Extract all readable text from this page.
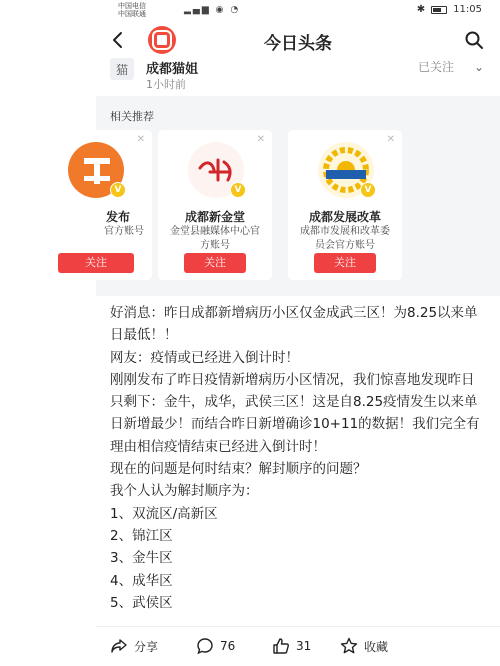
中国电信
中国联通	▂▄▆ ◉ ◔	✱	11:05
今日头条
猫 成都猫姐
1小时前
已关注 ⌄
相关推荐
✕
V
发布
官方账号
关注
✕
V
成都新金堂
金堂县融媒体中心官
方账号
关注
✕
V
成都发展改革
成都市发展和改革委
员会官方账号
关注

好消息：昨日成都新增病历小区仅金成武三区！为8.25以来单日最低！！

网友：疫情或已经进入倒计时！

刚刚发布了昨日疫情新增病历小区情况，我们惊喜地发现昨日只剩下：金牛，成华，武侯三区！这是自8.25疫情发生以来单日新增最少！而结合昨日新增确诊10+11的数据！我们完全有理由相信疫情结束已经进入倒计时！

现在的问题是何时结束？解封顺序的问题？

我个人认为解封顺序为：

1、双流区/高新区

2、锦江区

3、金牛区

4、成华区

5、武侯区

分享	76	31	收藏
